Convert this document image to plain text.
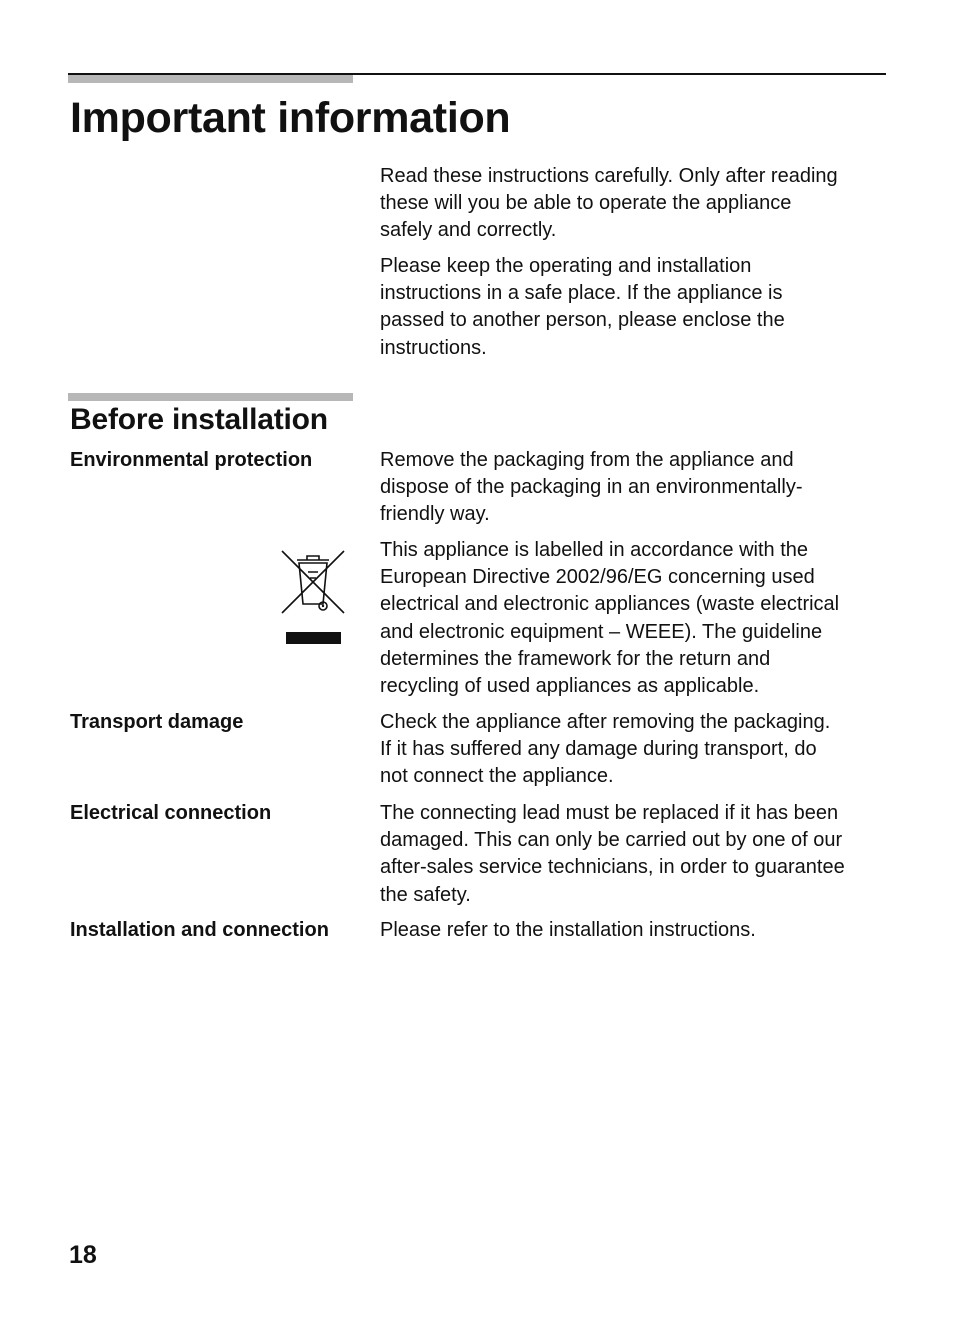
Important information

Read these instructions carefully. Only after reading
these will you be able to operate the appliance
safely and correctly.

Please keep the operating and installation
instructions in a safe place. If the appliance is
passed to another person, please enclose the
instructions.

Before installation

Environmental protection	Remove the packaging from the appliance and
dispose of the packaging in an environmentally-
friendly way.

This appliance is labelled in accordance with the
European Directive 2002/96/EG concerning used
electrical and electronic appliances (waste electrical
and electronic equipment – WEEE). The guideline
determines the framework for the return and
recycling of used appliances as applicable.

Transport damage	Check the appliance after removing the packaging.
If it has suffered any damage during transport, do
not connect the appliance.

Electrical connection	The connecting lead must be replaced if it has been
damaged. This can only be carried out by one of our
after-sales service technicians, in order to guarantee
the safety.

Installation and connection	Please refer to the installation instructions.

18
